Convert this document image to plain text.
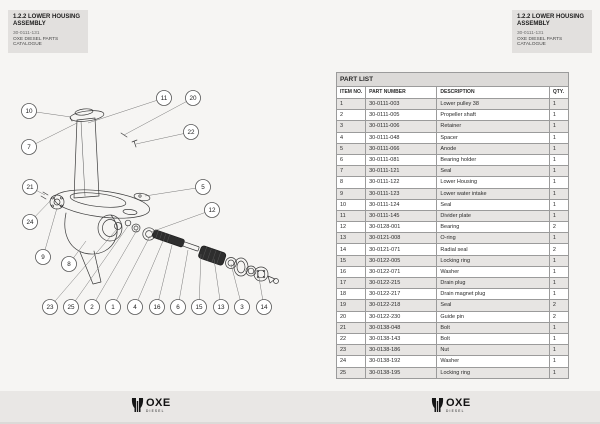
1.2.2 LOWER HOUSING ASSEMBLY
30-0111-131
OXE DIESEL PARTS CATALOGUE
10
11	20
22
7
5
21
24
12
9
8
23 25 2	1	4	16 6 15 13 3	14
1.2.2 LOWER HOUSING ASSEMBLY
30-0111-131
OXE DIESEL PARTS CATALOGUE
PART LIST			
ITEM NO.	PART NUMBER	DESCRIPTION	QTY.
1	30-0111-003	Lower pulley 38	1
2	30-0111-005	Propeller shaft	1
3	30-0111-006	Retainer	1
4	30-0111-048	Spacer	1
5	30-0111-066	Anode	1
6	30-0111-081	Bearing holder	1
7	30-0111-121	Seal	1
8	30-0111-122	Lower Housing	1
9	30-0111-123	Lower water intake	1
10	30-0111-124	Seal	1
11	30-0111-145	Divider plate	1
12	30-0128-001	Bearing	2
13	30-0121-008	O-ring	1
14	30-0121-071	Radial seal	2
15	30-0122-005	Locking ring	1
16	30-0122-071	Washer	1
17	30-0122-215	Drain plug	1
18	30-0122-217	Drain magnet plug	1
19	30-0122-218	Seal	2
20	30-0122-230	Guide pin	2
21	30-0138-048	Bolt	1
22	30-0138-143	Bolt	1
23	30-0138-186	Nut	1
24	30-0138-192	Washer	1
25	30-0138-195	Locking ring	1
OXE
DIESEL
OXE
DIESEL
